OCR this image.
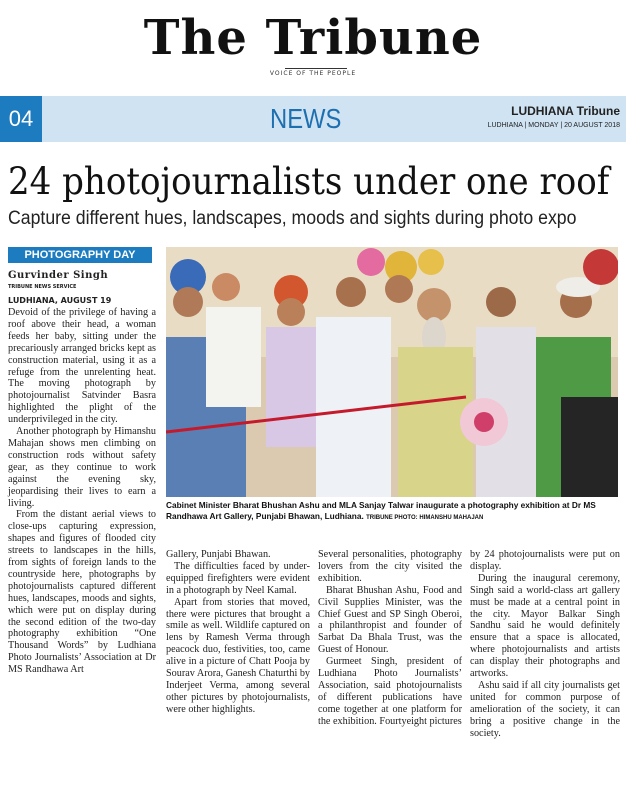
The Tribune
VOICE OF THE PEOPLE
04	NEWS	LUDHIANA Tribune
LUDHIANA | MONDAY | 20 AUGUST 2018
24 photojournalists under one roof
Capture different hues, landscapes, moods and sights during photo expo
PHOTOGRAPHY DAY
Gurvinder Singh
TRIBUNE NEWS SERVICE
LUDHIANA, AUGUST 19

Devoid of the privilege of having a roof above their head, a woman feeds her baby, sitting under the precariously arranged bricks kept as construction material, using it as a refuge from the unrelenting heat. The moving photograph by photojournalist Satvinder Basra highlighted the plight of the underprivileged in the city.

Another photograph by Himanshu Mahajan shows men climbing on construction rods without safety gear, as they continue to work against the evening sky, jeopardising their lives to earn a living.

From the distant aerial views to close-ups capturing expression, shapes and figures of flooded city streets to landscapes in the hills, from sights of foreign lands to the countryside here, photographs by photojournalists captured different hues, landscapes, moods and sights, which were put on display during the second edition of the two-day photography exhibition “One Thousand Words” by Ludhiana Photo Journalists’ Association at Dr MS Randhawa Art

Cabinet Minister Bharat Bhushan Ashu and MLA Sanjay Talwar inaugurate a photography exhibition at Dr MS Randhawa Art Gallery, Punjabi Bhawan, Ludhiana. TRIBUNE PHOTO: HIMANSHU MAHAJAN

Gallery, Punjabi Bhawan.

The difficulties faced by under-equipped firefighters were evident in a photograph by Neel Kamal.

Apart from stories that moved, there were pictures that brought a smile as well. Wildlife captured on lens by Ramesh Verma through peacock duo, festivities, too, came alive in a picture of Chatt Pooja by Sourav Arora, Ganesh Chaturthi by Inderjeet Verma, among several other pictures by photojournalists, were other highlights.

Several personalities, photography lovers from the city visited the exhibition.

Bharat Bhushan Ashu, Food and Civil Supplies Minister, was the Chief Guest and SP Singh Oberoi, a philanthropist and founder of Sarbat Da Bhala Trust, was the Guest of Honour.

Gurmeet Singh, president of Ludhiana Photo Journalists’ Association, said photojournalists of different publications have come together at one platform for the exhibition. Fourtyeight pictures

by 24 photojournalists were put on display.

During the inaugural ceremony, Singh said a world-class art gallery must be made at a central point in the city. Mayor Balkar Singh Sandhu said he would definitely ensure that a space is allocated, where photojournalists and artists can display their photographs and artworks.

Ashu said if all city journalists get united for common purpose of amelioration of the society, it can bring a positive change in the society.
